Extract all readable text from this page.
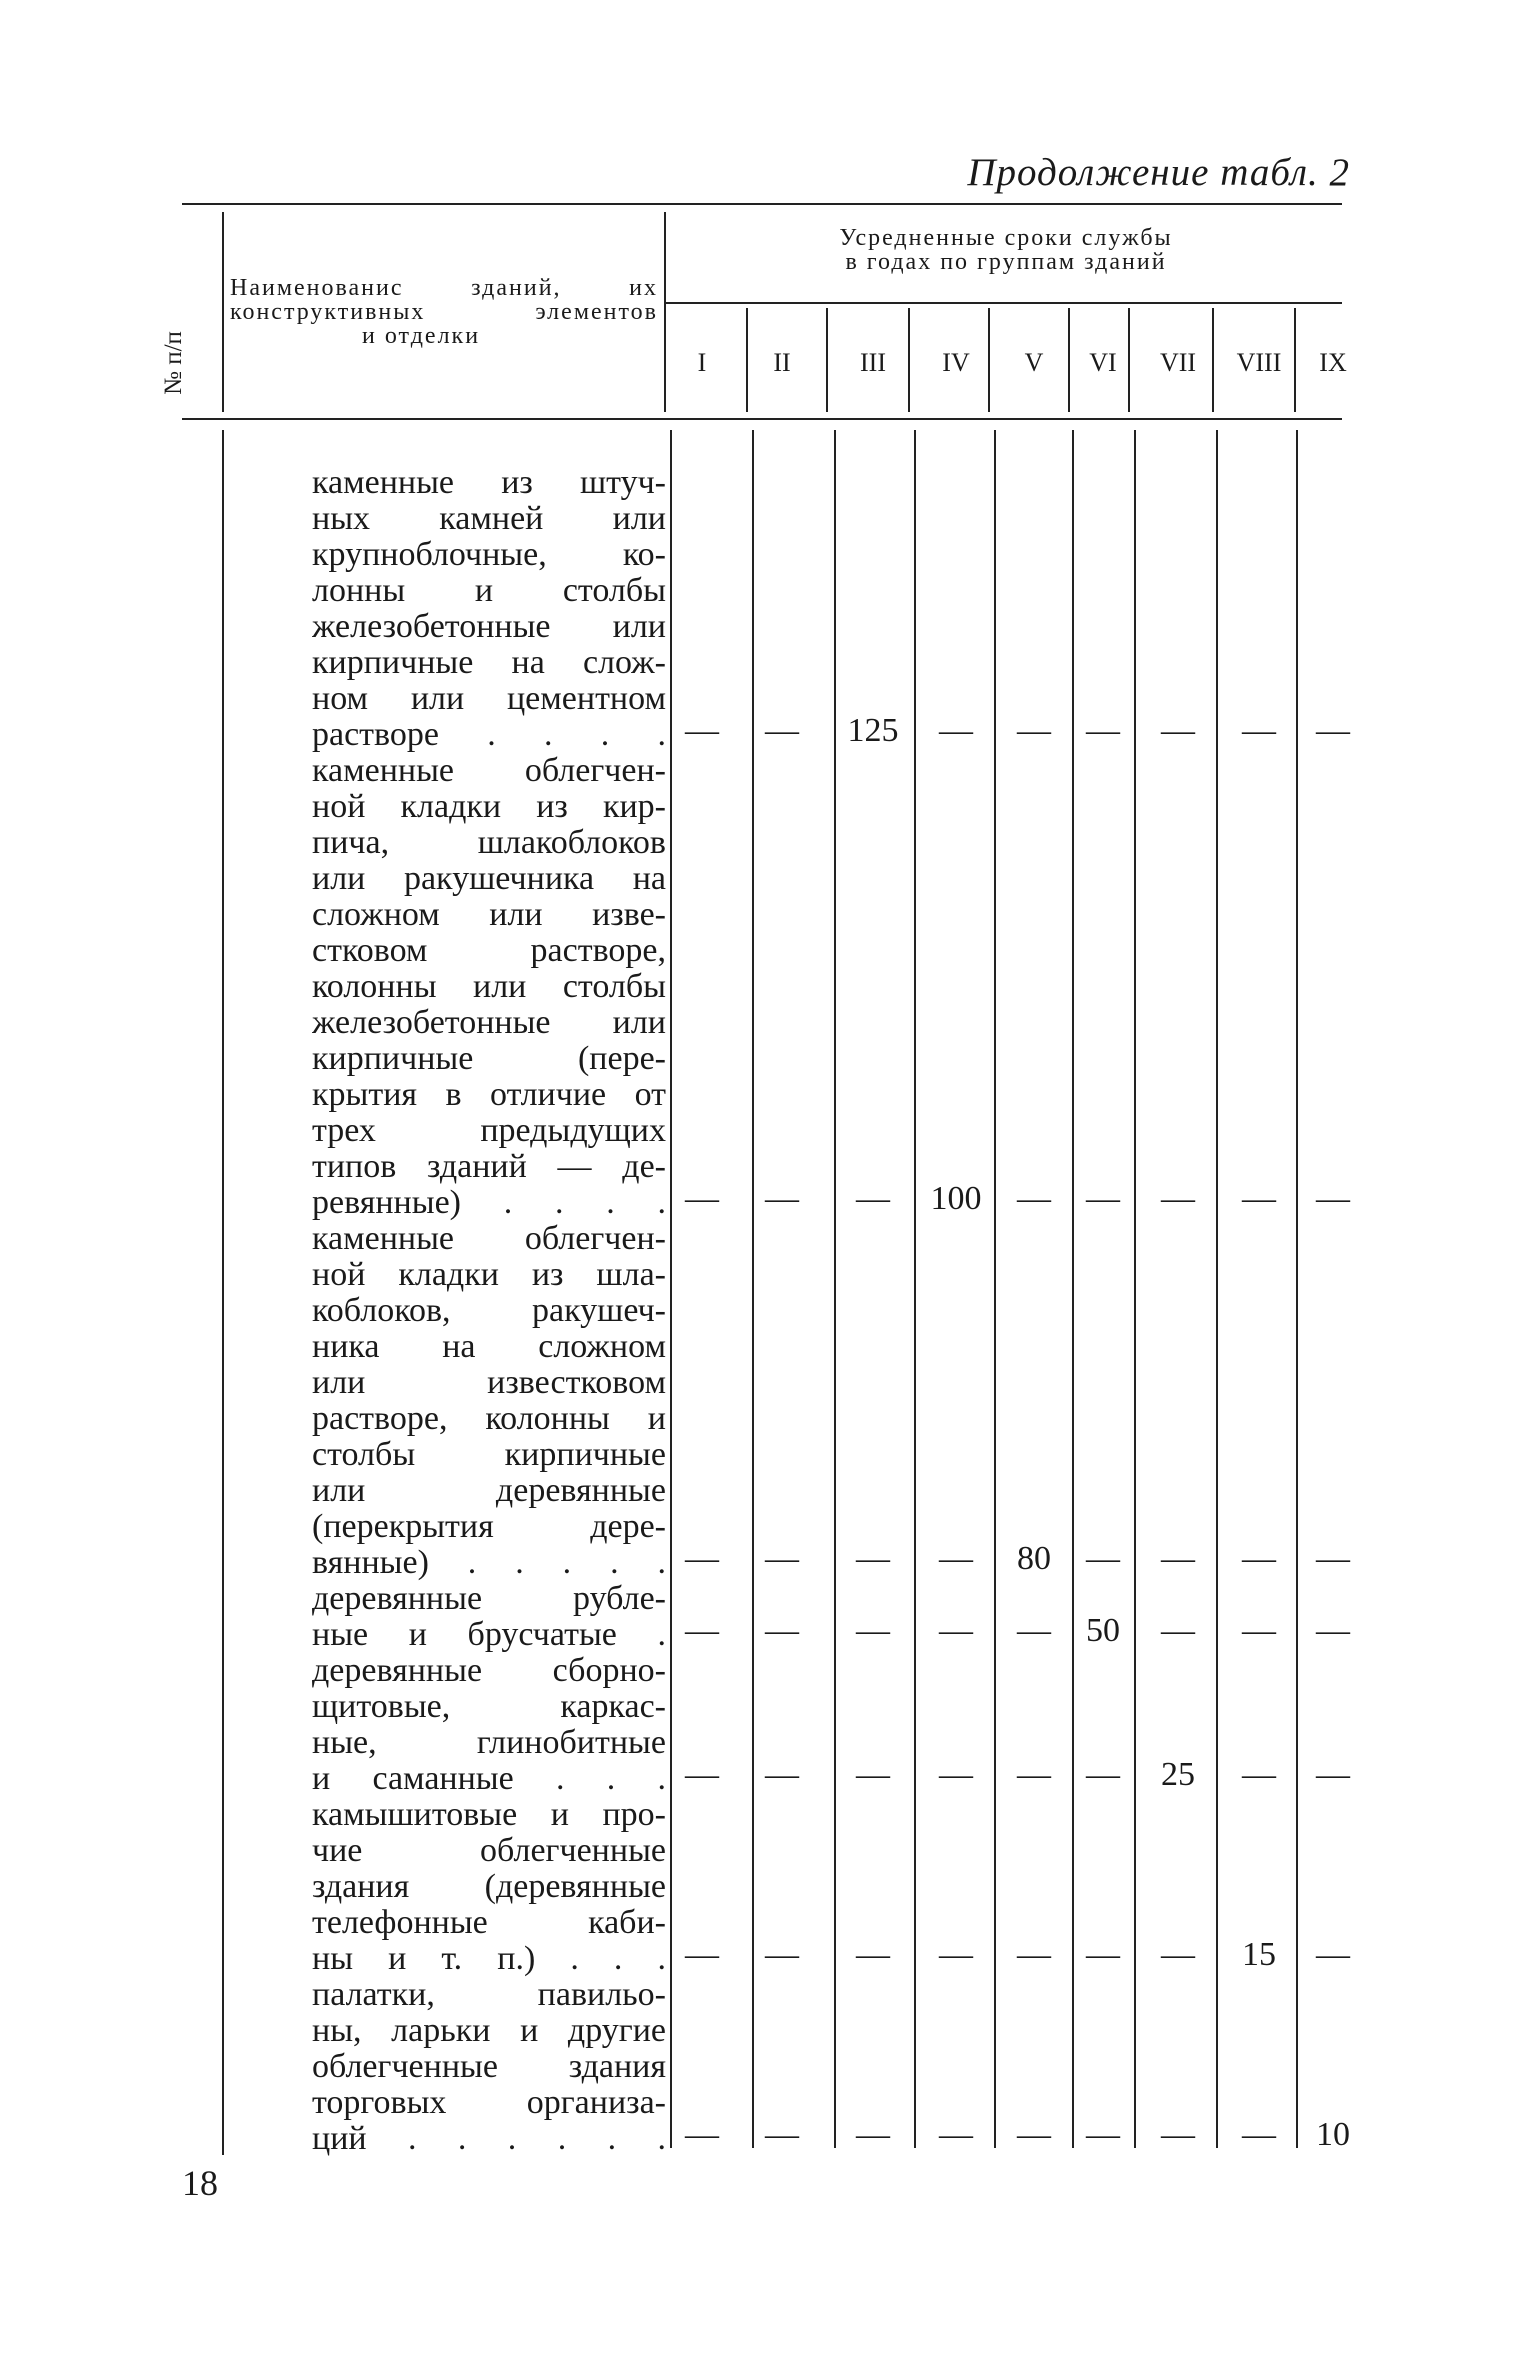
Продолжение табл. 2
№ п/п
Наименованис зданий, их
конструктивных элементов
и отделки
Усредненные сроки службы
в годах по группам зданий
I	II	III	IV	V	VI	VII	VIII	IX
каменные из штуч-
ных камней или
крупноблочные, ко-
лонны и столбы
железобетонные или
кирпичные на слож-
ном или цементном
растворе . . . . —	—	125	—	—	—	—	—	—
каменные облегчен-
ной кладки из кир-
пича, шлакоблоков
или ракушечника на
сложном или изве-
стковом растворе,
колонны или столбы
железобетонные или
кирпичные (пере-
крытия в отличие от
трех предыдущих
типов зданий — де-
ревянные) . . . . —	—	—	100	—	—	—	—	—
каменные облегчен-
ной кладки из шла-
коблоков, ракушеч-
ника на сложном
или известковом
растворе, колонны и
столбы кирпичные
или деревянные
(перекрытия дере-
вянные) . . . . . —	—	—	—	80	—	—	—	—
деревянные рубле-
ные и брусчатые . —	—	—	—	—	50	—	—	—
деревянные сборно-
щитовые, каркас-
ные, глинобитные
и саманные . . . —	—	—	—	—	—	25	—	—
камышитовые и про-
чие облегченные
здания (деревянные
телефонные каби-
ны и т. п.) . . . —	—	—	—	—	—	—	15	—
палатки, павильо-
ны, ларьки и другие
облегченные здания
торговых организа-
ций . . . . . . —	—	—	—	—	—	—	—	10
18
